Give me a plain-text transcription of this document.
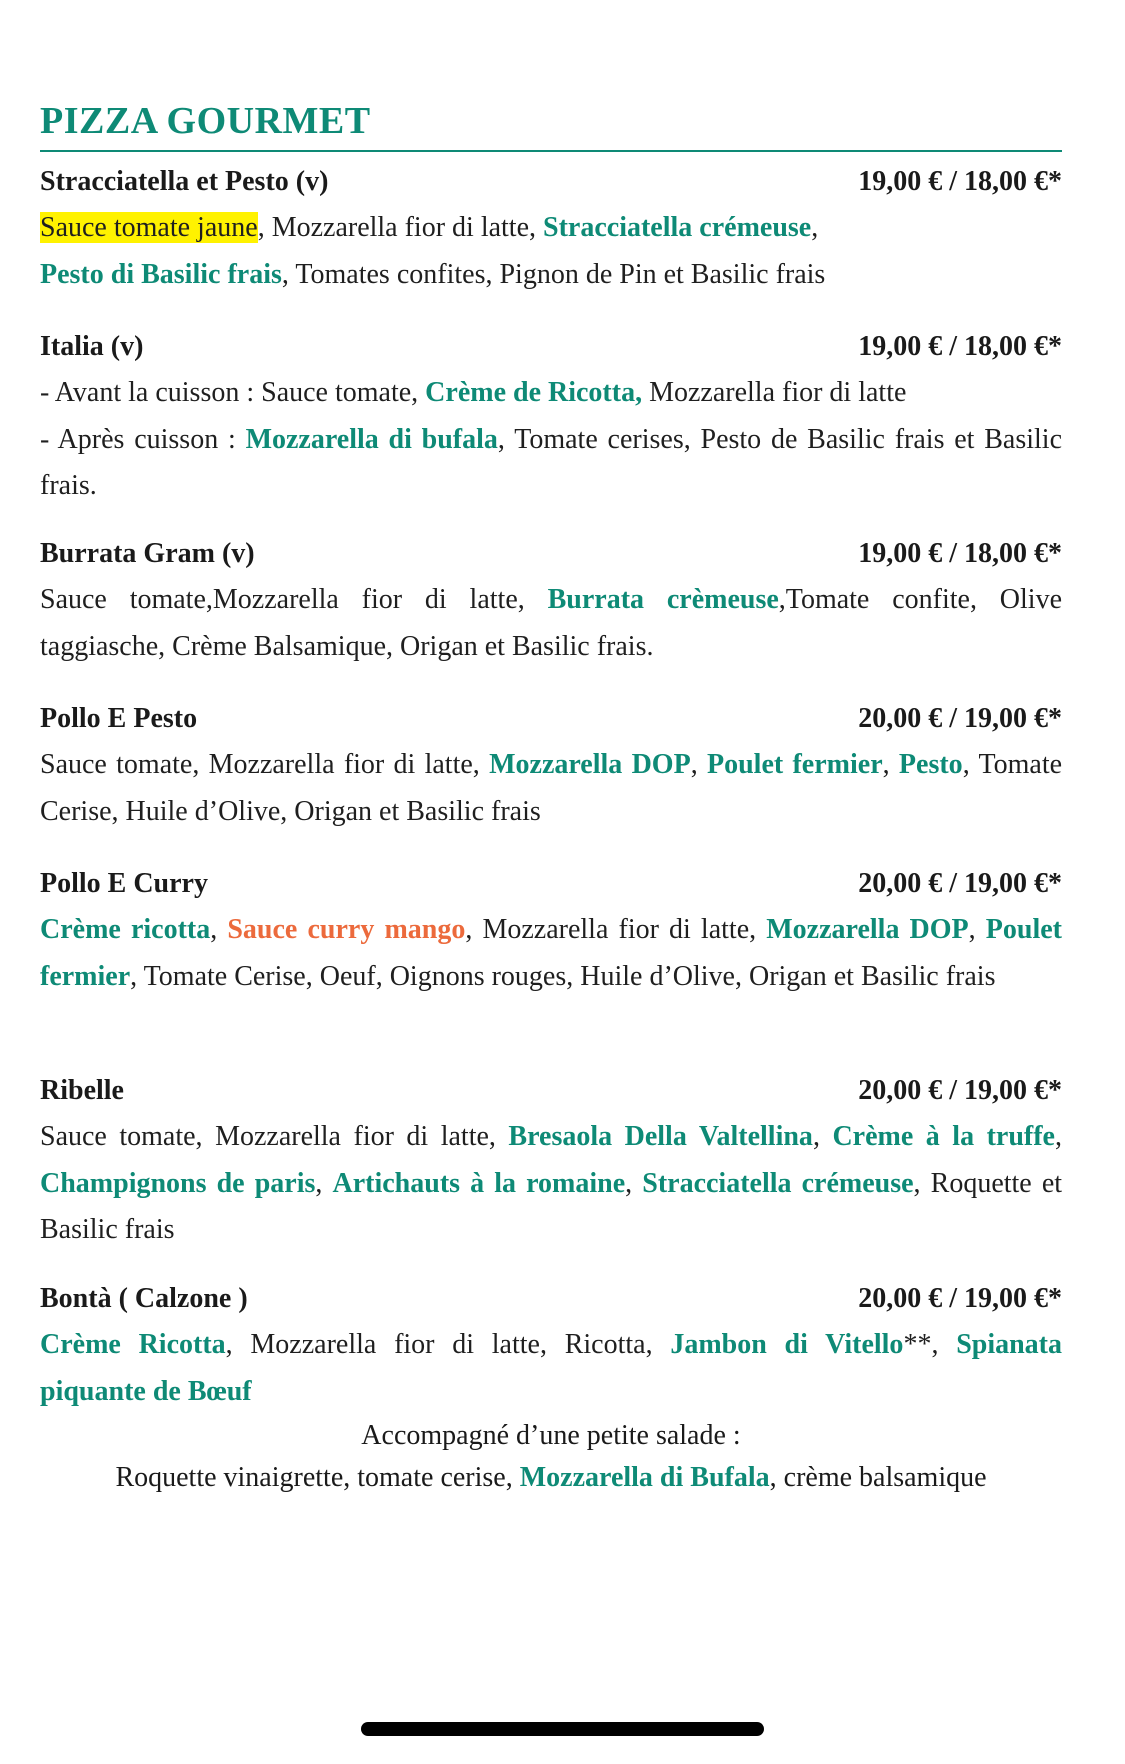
PIZZA GOURMET
Stracciatella et Pesto (v)	19,00 € / 18,00 €*
Sauce tomate jaune, Mozzarella fior di latte, Stracciatella crémeuse,
Pesto di Basilic frais, Tomates confites, Pignon de Pin et Basilic frais
Italia (v)	19,00 € / 18,00 €*
- Avant la cuisson : Sauce tomate, Crème de Ricotta, Mozzarella fior di latte
- Après cuisson : Mozzarella di bufala, Tomate cerises, Pesto de Basilic frais et Basilic frais.
Burrata Gram (v)	19,00 € / 18,00 €*
Sauce tomate,Mozzarella fior di latte, Burrata crèmeuse,Tomate confite, Olive taggiasche, Crème Balsamique, Origan et Basilic frais.
Pollo E Pesto	20,00 € / 19,00 €*
Sauce tomate, Mozzarella fior di latte, Mozzarella DOP, Poulet fermier, Pesto, Tomate Cerise, Huile d’Olive, Origan et Basilic frais
Pollo E Curry	20,00 € / 19,00 €*
Crème ricotta, Sauce curry mango, Mozzarella fior di latte, Mozzarella DOP, Poulet fermier, Tomate Cerise, Oeuf, Oignons rouges, Huile d’Olive, Origan et Basilic frais
Ribelle	20,00 € / 19,00 €*
Sauce tomate, Mozzarella fior di latte, Bresaola Della Valtellina, Crème à la truffe, Champignons de paris, Artichauts à la romaine, Stracciatella crémeuse, Roquette et Basilic frais
Bontà ( Calzone )	20,00 € / 19,00 €*
Crème Ricotta, Mozzarella fior di latte, Ricotta, Jambon di Vitello**, Spianata piquante de Bœuf
Accompagné d’une petite salade :
Roquette vinaigrette, tomate cerise, Mozzarella di Bufala, crème balsamique
